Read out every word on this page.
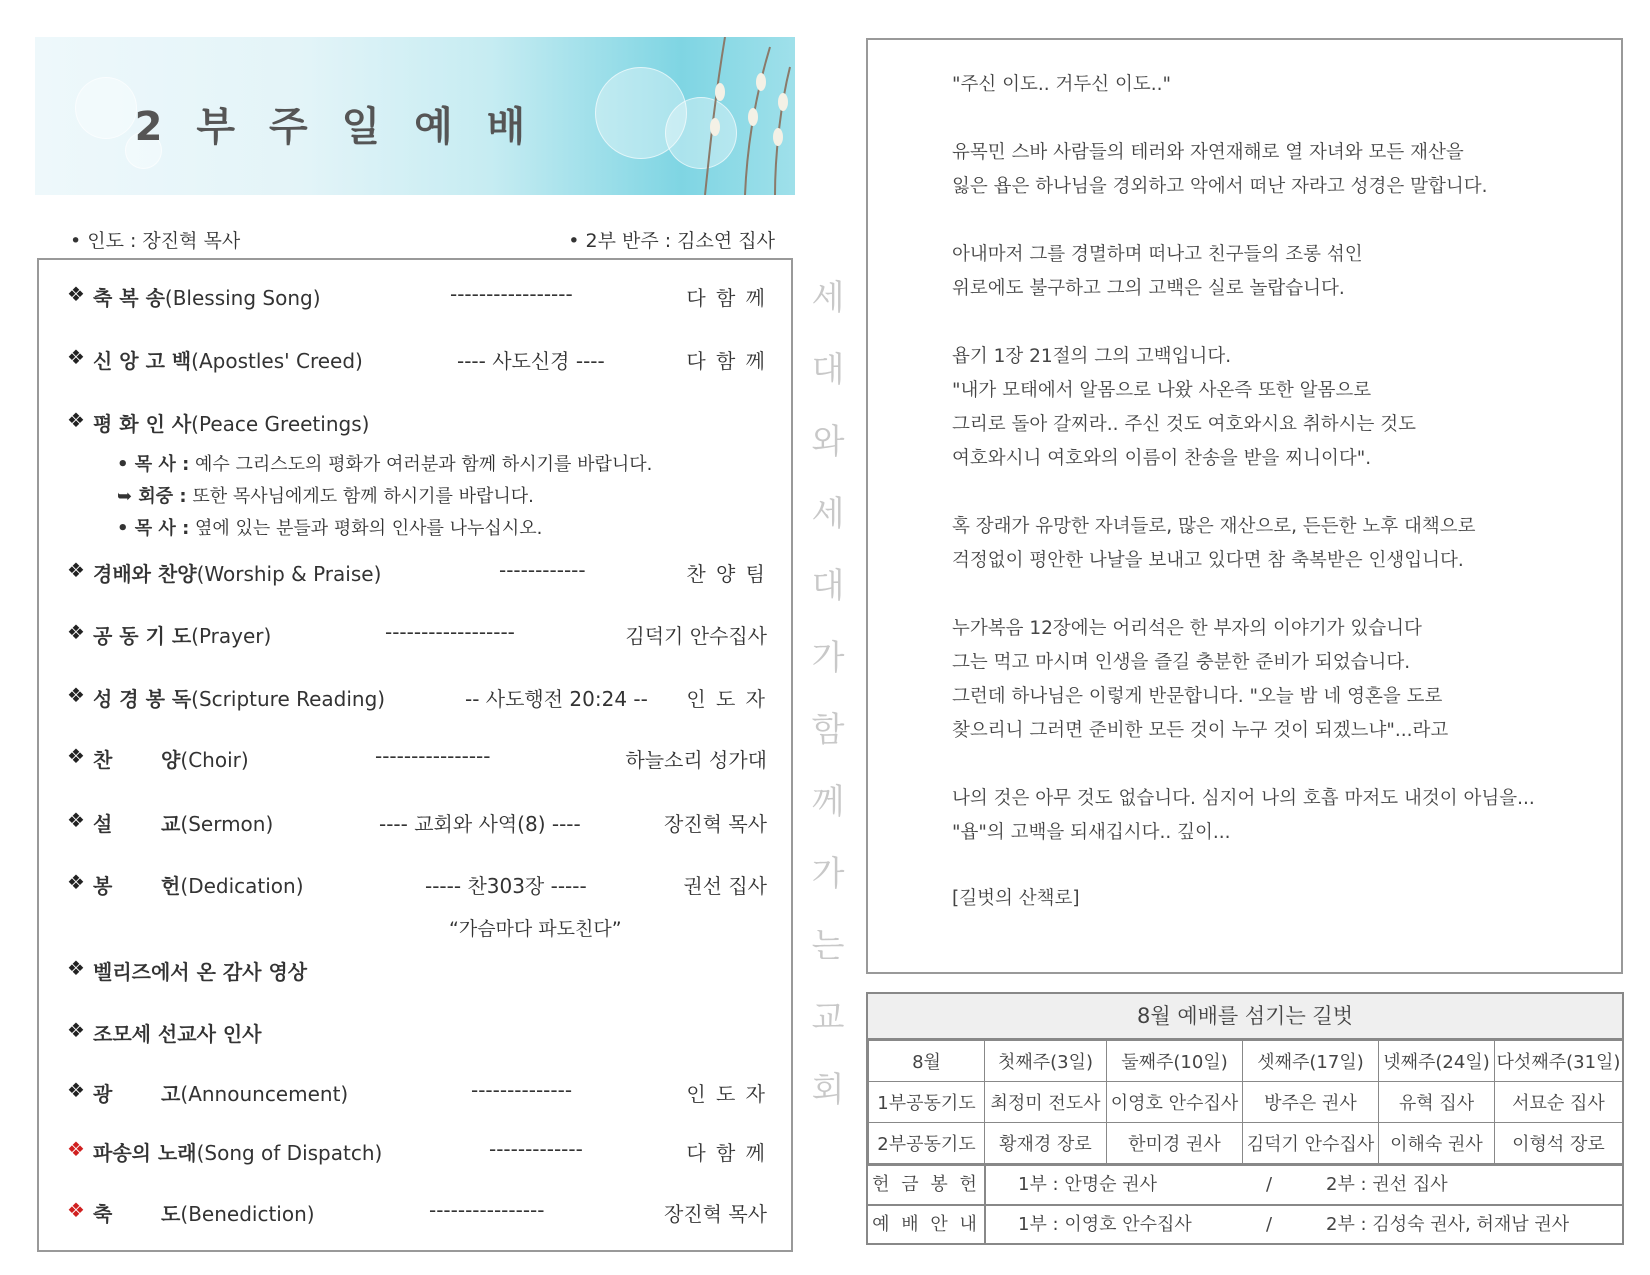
2 부 주 일 예 배
• 인도 : 장진혁 목사	• 2부 반주 : 김소연 집사
❖ 축 복 송(Blessing Song)	-----------------	다 함 께
❖ 신 앙 고 백(Apostles' Creed)	---- 사도신경 ----	다 함 께
❖ 평 화 인 사(Peace Greetings)
• 목 사 : 예수 그리스도의 평화가 여러분과 함께 하시기를 바랍니다.
➥ 회중 : 또한 목사님에게도 함께 하시기를 바랍니다.
• 목 사 : 옆에 있는 분들과 평화의 인사를 나누십시오.
❖ 경배와 찬양(Worship & Praise)	------------	찬 양 팀
❖ 공 동 기 도(Prayer)	------------------	김덕기 안수집사
❖ 성 경 봉 독(Scripture Reading)	-- 사도행전 20:24 -- 인 도 자
❖ 찬       양(Choir)	----------------	하늘소리 성가대
❖ 설       교(Sermon)	---- 교회와 사역(8) ----	장진혁 목사
❖ 봉       헌(Dedication)	----- 찬303장 -----	권선 집사
“가슴마다 파도친다”
❖ 벨리즈에서 온 감사 영상
❖ 조모세 선교사 인사
❖ 광       고(Announcement)	--------------	인 도 자
❖ 파송의 노래(Song of Dispatch)	-------------	다 함 께
❖ 축       도(Benediction)	----------------	장진혁 목사
세
대
와
세
대
가
함
께
가
는
교
회

"주신 이도.. 거두신 이도.."

유목민 스바 사람들의 테러와 자연재해로 열 자녀와 모든 재산을

잃은 욥은 하나님을 경외하고 악에서 떠난 자라고 성경은 말합니다.

아내마저 그를 경멸하며 떠나고 친구들의 조롱 섞인

위로에도 불구하고 그의 고백은 실로 놀랍습니다.

욥기 1장 21절의 그의 고백입니다.

"내가 모태에서 알몸으로 나왔 사온즉 또한 알몸으로

그리로 돌아 갈찌라.. 주신 것도 여호와시요 취하시는 것도

여호와시니 여호와의 이름이 찬송을 받을 찌니이다".

혹 장래가 유망한 자녀들로, 많은 재산으로, 든든한 노후 대책으로

걱정없이 평안한 나날을 보내고 있다면 참 축복받은 인생입니다.

누가복음 12장에는 어리석은 한 부자의 이야기가 있습니다

그는 먹고 마시며 인생을 즐길 충분한 준비가 되었습니다.

그런데 하나님은 이렇게 반문합니다. "오늘 밤 네 영혼을 도로

찾으리니 그러면 준비한 모든 것이 누구 것이 되겠느냐"...라고

나의 것은 아무 것도 없습니다. 심지어 나의 호흡 마저도 내것이 아님을...

"욥"의 고백을 되새깁시다.. 깊이...

[길벗의 산책로]

8월 예배를 섬기는 길벗
8월	첫째주(3일)	둘째주(10일)	셋째주(17일)	넷째주(24일)	다섯째주(31일)
1부공동기도	최정미 전도사	이영호 안수집사	방주은 권사	유혁 집사	서묘순 집사
2부공동기도	황재경 장로	한미경 권사	김덕기 안수집사	이해숙 권사	이형석 장로
헌 금 봉 헌	1부 : 안명순 권사	/	2부 : 권선 집사
예 배 안 내	1부 : 이영호 안수집사	/	2부 : 김성숙 권사, 허재남 권사
